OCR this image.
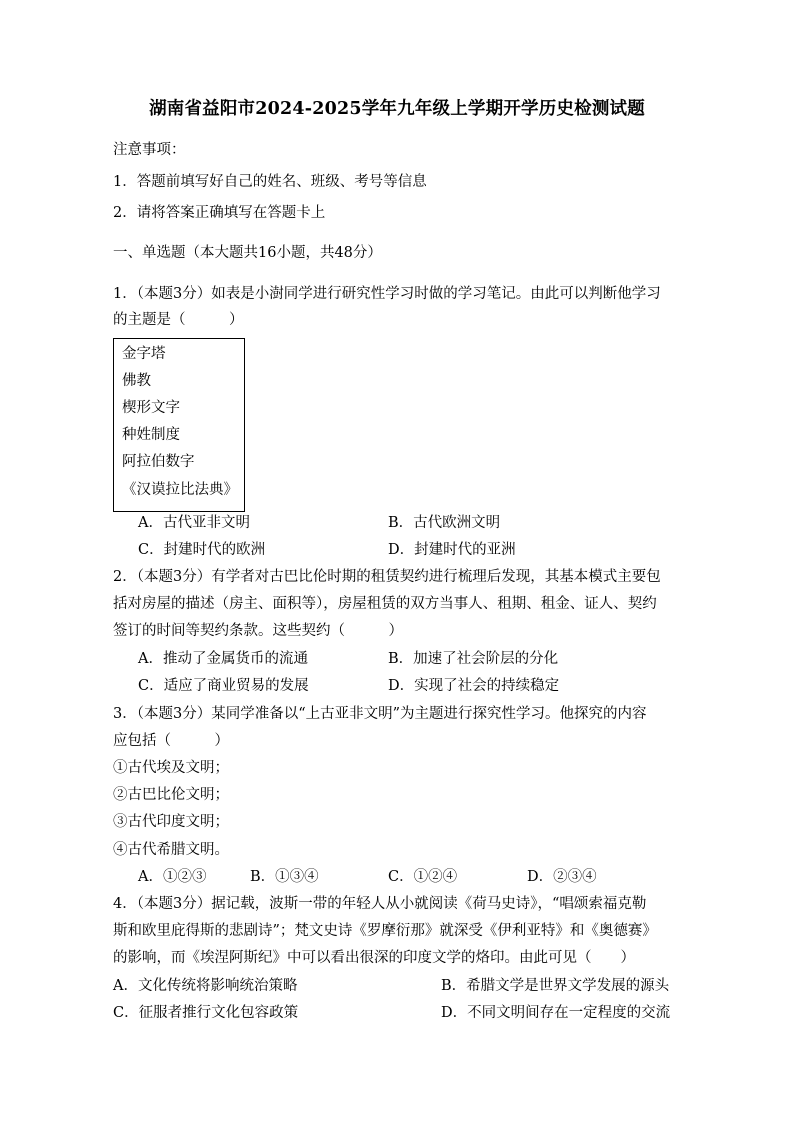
湖南省益阳市2024-2025学年九年级上学期开学历史检测试题
注意事项：
1．答题前填写好自己的姓名、班级、考号等信息
2．请将答案正确填写在答题卡上
一、单选题（本大题共16小题，共48分）
1．（本题3分）如表是小澍同学进行研究性学习时做的学习笔记。由此可以判断他学习
的主题是（　　　）
金字塔
佛教
楔形文字
种姓制度
阿拉伯数字
《汉谟拉比法典》
A．古代亚非文明	B．古代欧洲文明
C．封建时代的欧洲	D．封建时代的亚洲
2．（本题3分）有学者对古巴比伦时期的租赁契约进行梳理后发现，其基本模式主要包
括对房屋的描述（房主、面积等），房屋租赁的双方当事人、租期、租金、证人、契约
签订的时间等契约条款。这些契约（　　　）
A．推动了金属货币的流通	B．加速了社会阶层的分化
C．适应了商业贸易的发展	D．实现了社会的持续稳定
3．（本题3分）某同学准备以“上古亚非文明”为主题进行探究性学习。他探究的内容
应包括（　　　）
①古代埃及文明；
②古巴比伦文明；
③古代印度文明；
④古代希腊文明。
A．①②③	B．①③④	C．①②④	D．②③④
4．（本题3分）据记载，波斯一带的年轻人从小就阅读《荷马史诗》，“唱颂索福克勒
斯和欧里庇得斯的悲剧诗”；梵文史诗《罗摩衍那》就深受《伊利亚特》和《奥德赛》
的影响，而《埃涅阿斯纪》中可以看出很深的印度文学的烙印。由此可见（　　）
A．文化传统将影响统治策略	B．希腊文学是世界文学发展的源头
C．征服者推行文化包容政策	D．不同文明间存在一定程度的交流
